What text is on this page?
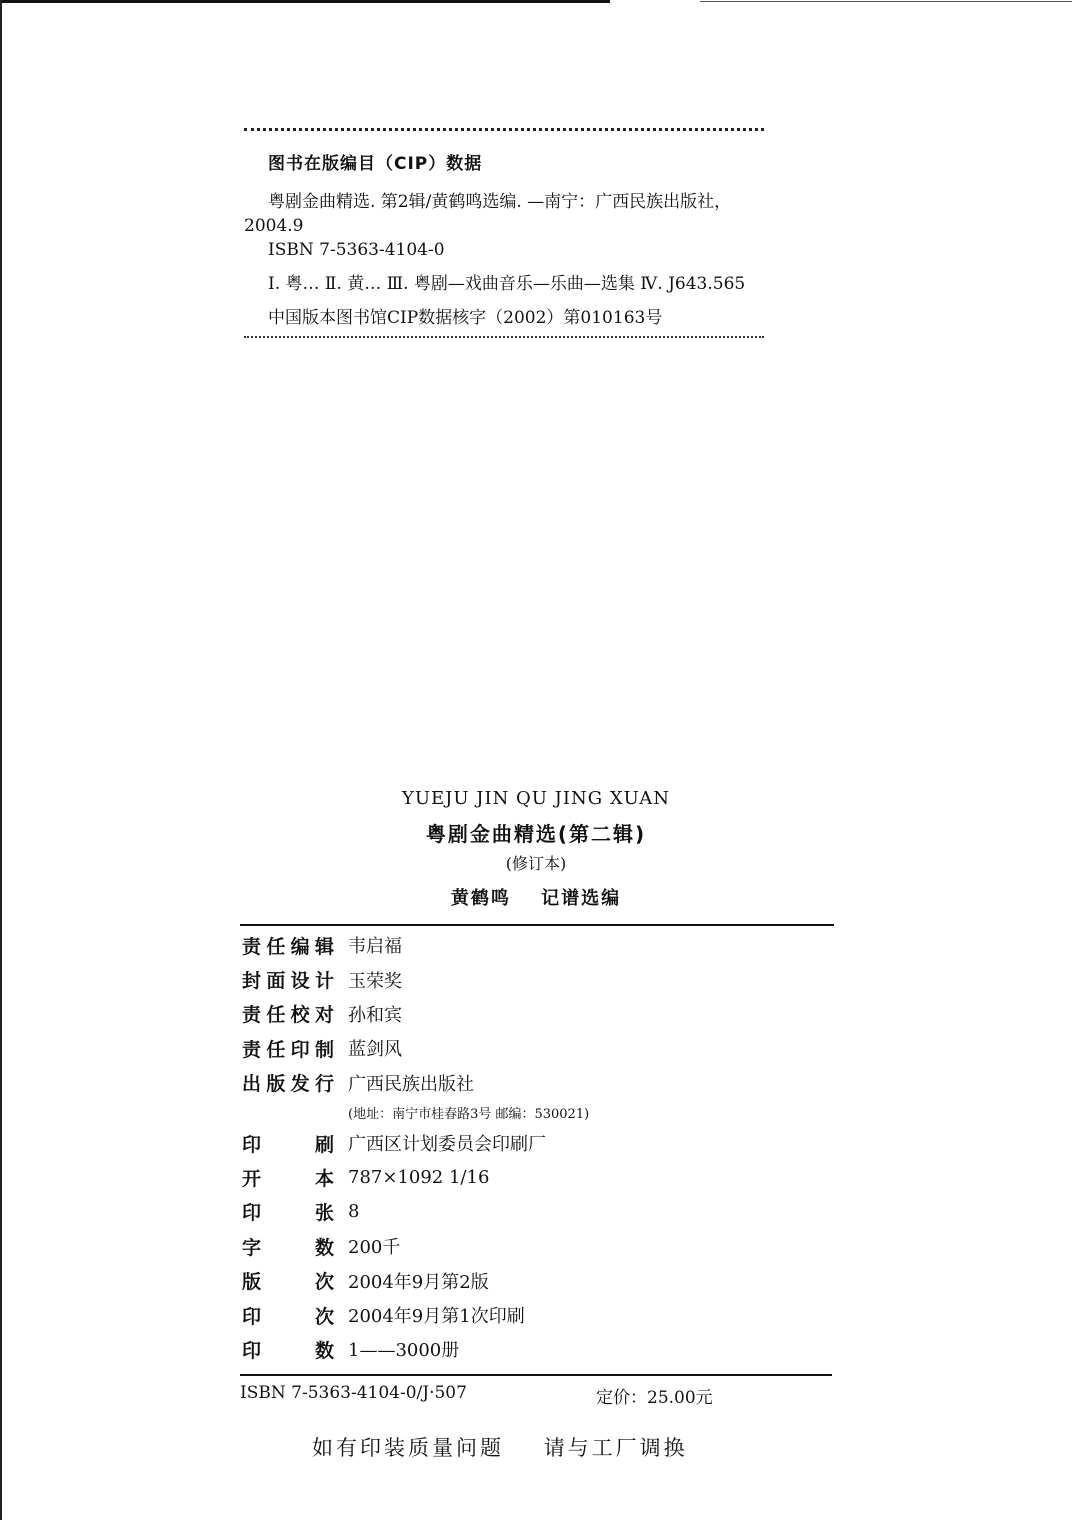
图书在版编目（CIP）数据
粤剧金曲精选. 第2辑/黄鹤鸣选编. —南宁：广西民族出版社，2004.9
ISBN 7-5363-4104-0
Ⅰ. 粤… Ⅱ. 黄… Ⅲ. 粤剧—戏曲音乐—乐曲—选集 Ⅳ. J643.565
中国版本图书馆CIP数据核字（2002）第010163号
YUEJU JIN QU JING XUAN
粤剧金曲精选(第二辑)
(修订本)
黄鹤鸣 记谱选编
责 任 编 辑 韦启福
封 面 设 计 玉荣奖
责 任 校 对 孙和宾
责 任 印 制 蓝剑风
出 版 发 行 广西民族出版社
(地址：南宁市桂春路3号 邮编：530021)
印	刷 广西区计划委员会印刷厂
开	本 787×1092 1/16
印	张 8
字	数 200千
版	次 2004年9月第2版
印	次 2004年9月第1次印刷
印	数 1——3000册
ISBN 7-5363-4104-0/J·507	定价：25.00元
如有印装质量问题 请与工厂调换
